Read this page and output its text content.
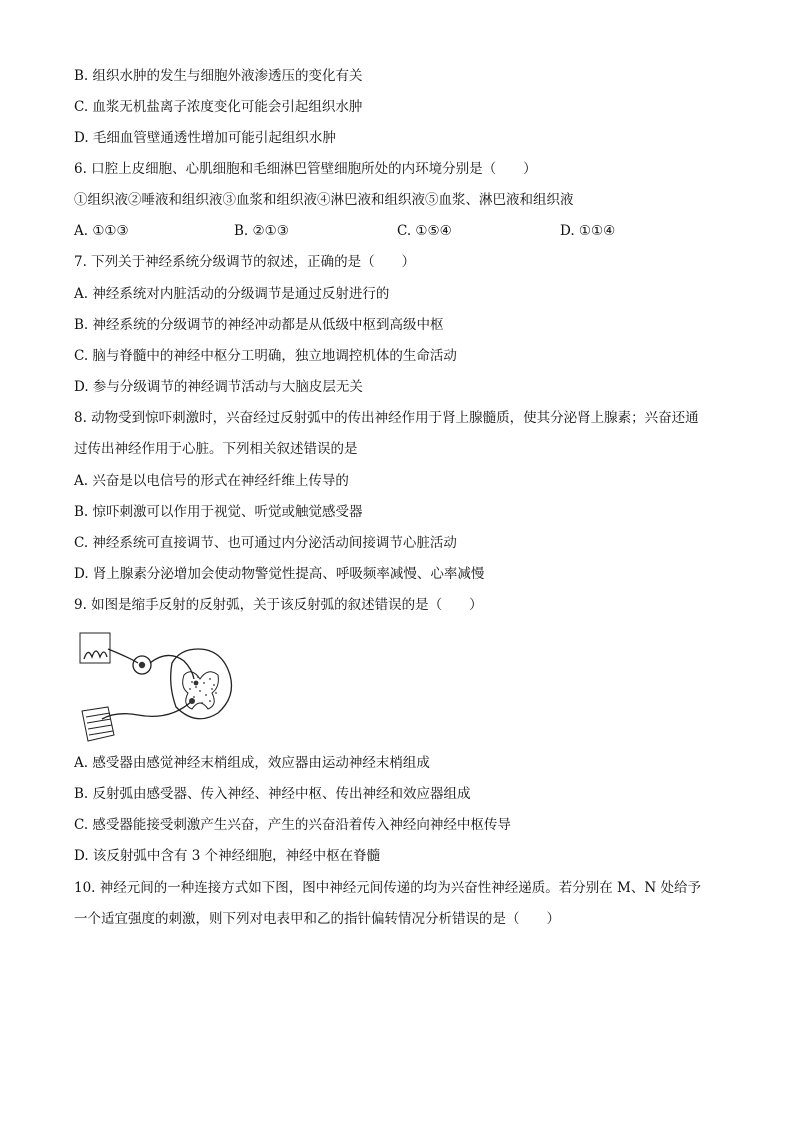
B. 组织水肿的发生与细胞外液渗透压的变化有关
C. 血浆无机盐离子浓度变化可能会引起组织水肿
D. 毛细血管壁通透性增加可能引起组织水肿
6. 口腔上皮细胞、心肌细胞和毛细淋巴管壁细胞所处的内环境分别是（　　）
①组织液②唾液和组织液③血浆和组织液④淋巴液和组织液⑤血浆、淋巴液和组织液
A. ①①③	B. ②①③	C. ①⑤④	D. ①①④
7. 下列关于神经系统分级调节的叙述，正确的是（　　）
A. 神经系统对内脏活动的分级调节是通过反射进行的
B. 神经系统的分级调节的神经冲动都是从低级中枢到高级中枢
C. 脑与脊髓中的神经中枢分工明确，独立地调控机体的生命活动
D. 参与分级调节的神经调节活动与大脑皮层无关
8. 动物受到惊吓刺激时，兴奋经过反射弧中的传出神经作用于肾上腺髓质，使其分泌肾上腺素；兴奋还通
过传出神经作用于心脏。下列相关叙述错误的是
A. 兴奋是以电信号的形式在神经纤维上传导的
B. 惊吓刺激可以作用于视觉、听觉或触觉感受器
C. 神经系统可直接调节、也可通过内分泌活动间接调节心脏活动
D. 肾上腺素分泌增加会使动物警觉性提高、呼吸频率减慢、心率减慢
9. 如图是缩手反射的反射弧，关于该反射弧的叙述错误的是（　　）
A. 感受器由感觉神经末梢组成，效应器由运动神经末梢组成
B. 反射弧由感受器、传入神经、神经中枢、传出神经和效应器组成
C. 感受器能接受刺激产生兴奋，产生的兴奋沿着传入神经向神经中枢传导
D. 该反射弧中含有 3 个神经细胞，神经中枢在脊髓
10. 神经元间的一种连接方式如下图，图中神经元间传递的均为兴奋性神经递质。若分别在 M、N 处给予
一个适宜强度的刺激，则下列对电表甲和乙的指针偏转情况分析错误的是（　　）
